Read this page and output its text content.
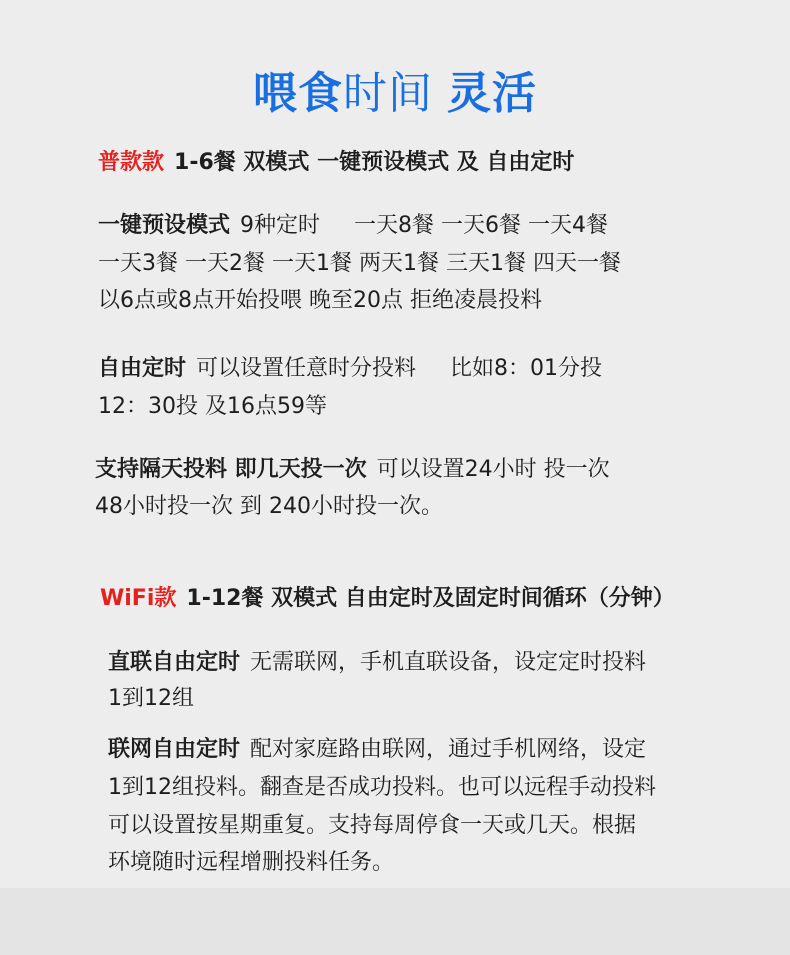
喂食时间 灵活
普款款 1-6餐 双模式 一键预设模式 及 自由定时
一键预设模式 9种定时 一天8餐 一天6餐 一天4餐
一天3餐 一天2餐 一天1餐 两天1餐 三天1餐 四天一餐
以6点或8点开始投喂 晚至20点 拒绝凌晨投料
自由定时 可以设置任意时分投料 比如8：01分投
12：30投 及16点59等
支持隔天投料 即几天投一次 可以设置24小时 投一次
48小时投一次 到 240小时投一次。
WiFi款 1-12餐 双模式 自由定时及固定时间循环（分钟）
直联自由定时 无需联网，手机直联设备，设定定时投料
1到12组
联网自由定时 配对家庭路由联网，通过手机网络，设定
1到12组投料。翻查是否成功投料。也可以远程手动投料
可以设置按星期重复。支持每周停食一天或几天。根据
环境随时远程增删投料任务。
